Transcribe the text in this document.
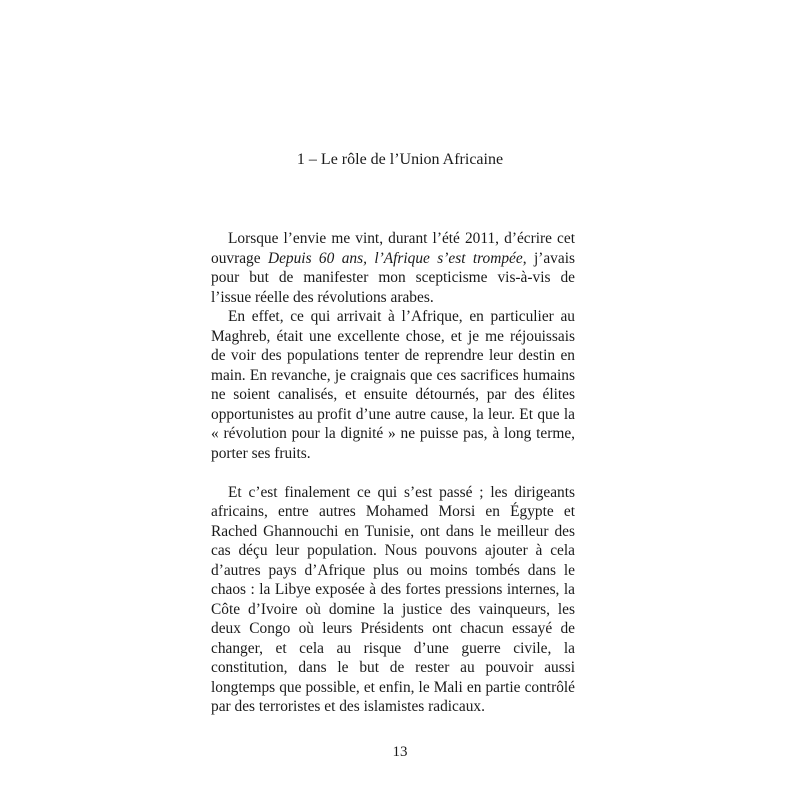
1 – Le rôle de l’Union Africaine

Lorsque l’envie me vint, durant l’été 2011, d’écrire cet ouvrage Depuis 60 ans, l’Afrique s’est trompée, j’avais pour but de manifester mon scepticisme vis-à-vis de l’issue réelle des révolutions arabes.

En effet, ce qui arrivait à l’Afrique, en particulier au Maghreb, était une excellente chose, et je me réjouissais de voir des populations tenter de reprendre leur destin en main. En revanche, je craignais que ces sacrifices humains ne soient canalisés, et ensuite détournés, par des élites opportunistes au profit d’une autre cause, la leur. Et que la « révolution pour la dignité » ne puisse pas, à long terme, porter ses fruits.

Et c’est finalement ce qui s’est passé ; les dirigeants africains, entre autres Mohamed Morsi en Égypte et Rached Ghannouchi en Tunisie, ont dans le meilleur des cas déçu leur population. Nous pouvons ajouter à cela d’autres pays d’Afrique plus ou moins tombés dans le chaos : la Libye exposée à des fortes pressions internes, la Côte d’Ivoire où domine la justice des vainqueurs, les deux Congo où leurs Présidents ont chacun essayé de changer, et cela au risque d’une guerre civile, la constitution, dans le but de rester au pouvoir aussi longtemps que possible, et enfin, le Mali en partie contrôlé par des terroristes et des islamistes radicaux.

13
